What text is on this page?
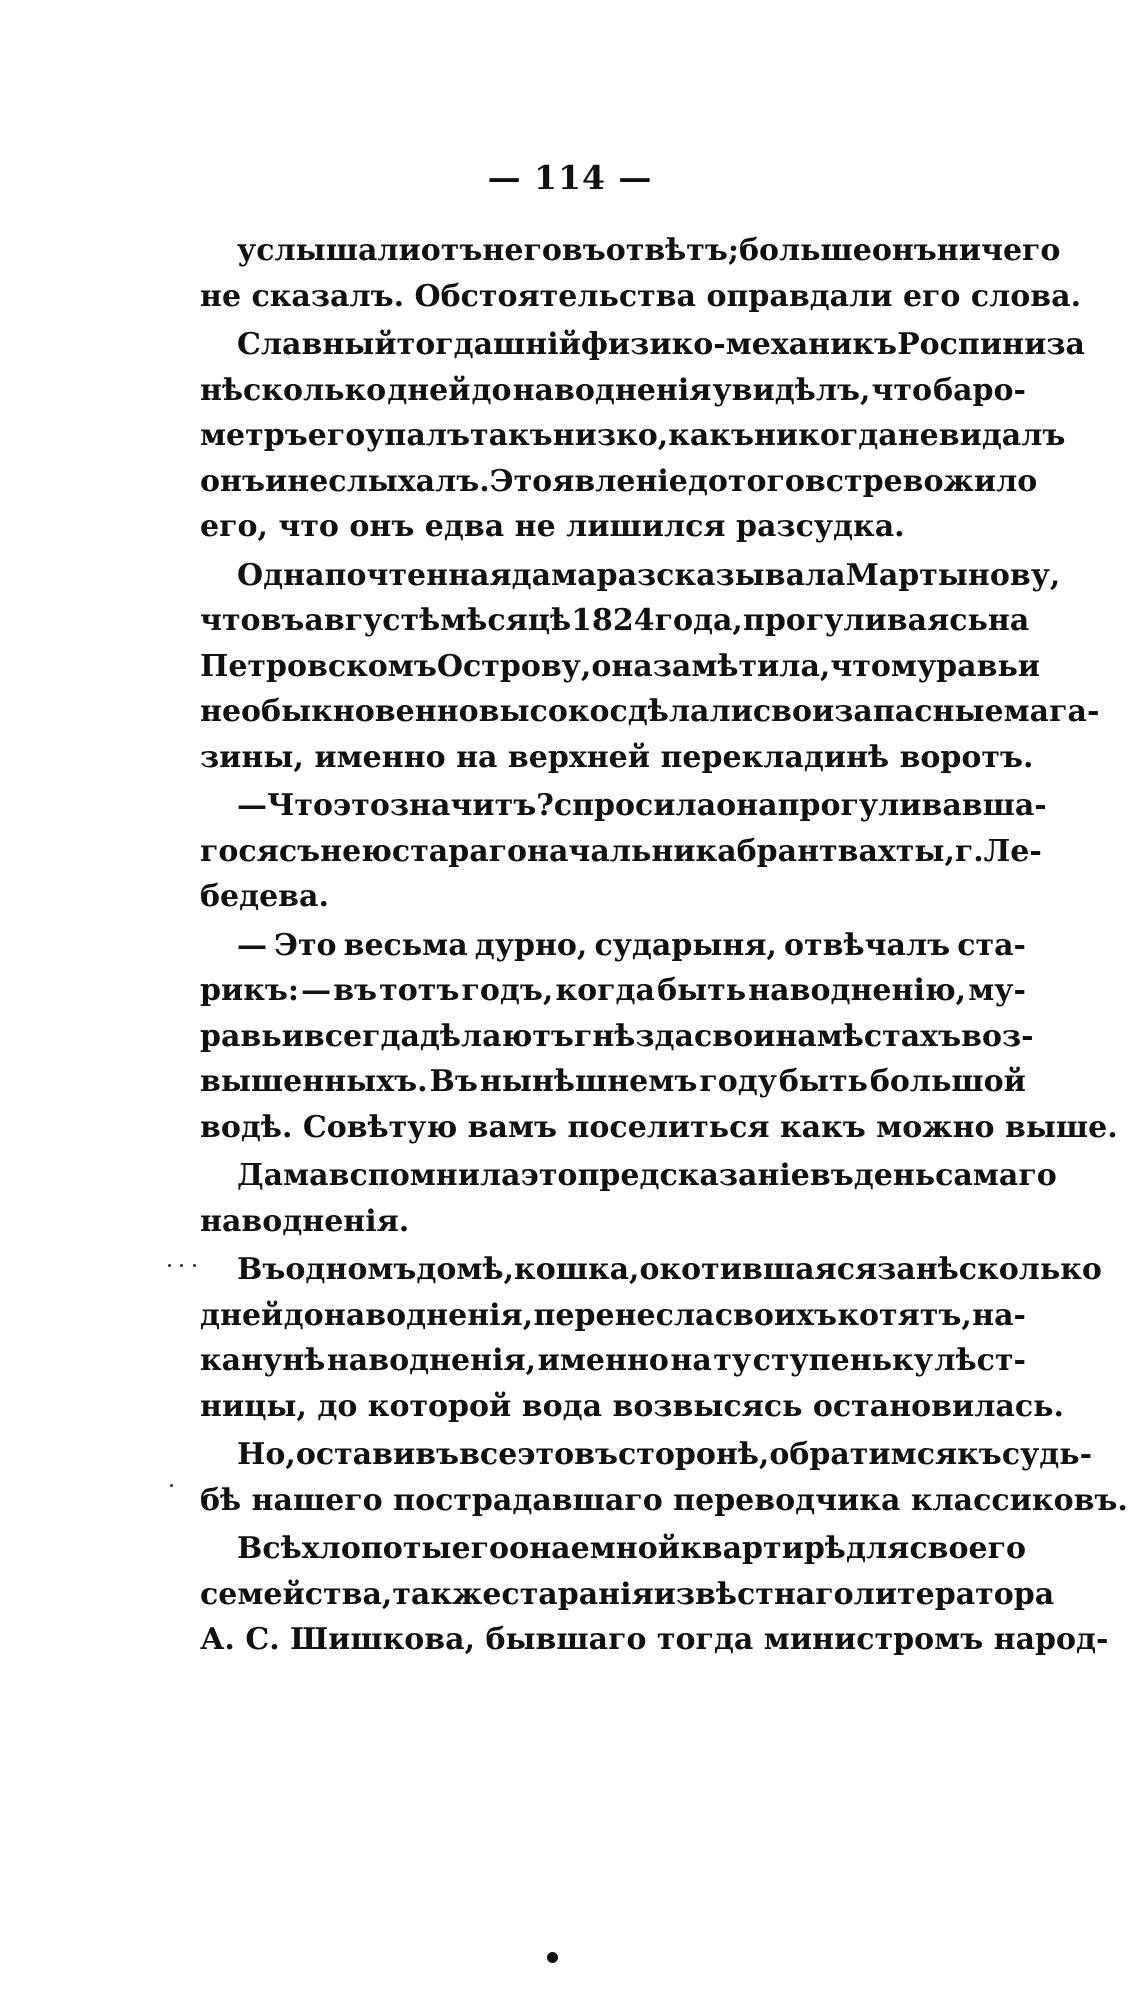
— 114 —
услышали отъ него въ отвѣтъ; больше онъ ничего
не сказалъ. Обстоятельства оправдали его слова.
Славный тогдашній физико-механикъ Роспини за
нѣсколько дней до наводненія увидѣлъ, что баро-
метръ его упалъ такъ низко, какъ никогда не видалъ
онъ и не слыхалъ. Это явленіе до того встревожило
его, что онъ едва не лишился разсудка.
Одна почтенная дама разсказывала Мартынову,
что въ августѣ мѣсяцѣ 1824 года, прогуливаясь на
Петровскомъ Острову, она замѣтила, что муравьи
необыкновенно высоко сдѣлали свои запасные мага-
зины, именно на верхней перекладинѣ воротъ.
— Что это значитъ? спросила она прогуливавша-
гося съ нею стараго начальника брантвахты, г. Ле-
бедева.
— Это весьма дурно, сударыня, отвѣчалъ ста-
рикъ: — въ тотъ годъ, когда быть наводненію, му-
равьи всегда дѣлаютъ гнѣзда свои на мѣстахъ воз-
вышенныхъ. Въ нынѣшнемъ году быть большой
водѣ. Совѣтую вамъ поселиться какъ можно выше.
Дама вспомнила это предсказаніе въ день самаго
наводненія.
Въ одномъ домѣ, кошка, окотившаяся за нѣсколько
дней до наводненія, перенесла своихъ котятъ, на-
канунѣ наводненія, именно на ту ступеньку лѣст-
ницы, до которой вода возвысясь остановилась.
Но, оставивъ все это въ сторонѣ, обратимся къ судь-
бѣ нашего пострадавшаго переводчика классиковъ.
Всѣ хлопоты его о наемной квартирѣ для своего
семейства, также старанія извѣстнаго литератора
А. С. Шишкова, бывшаго тогда министромъ народ-
